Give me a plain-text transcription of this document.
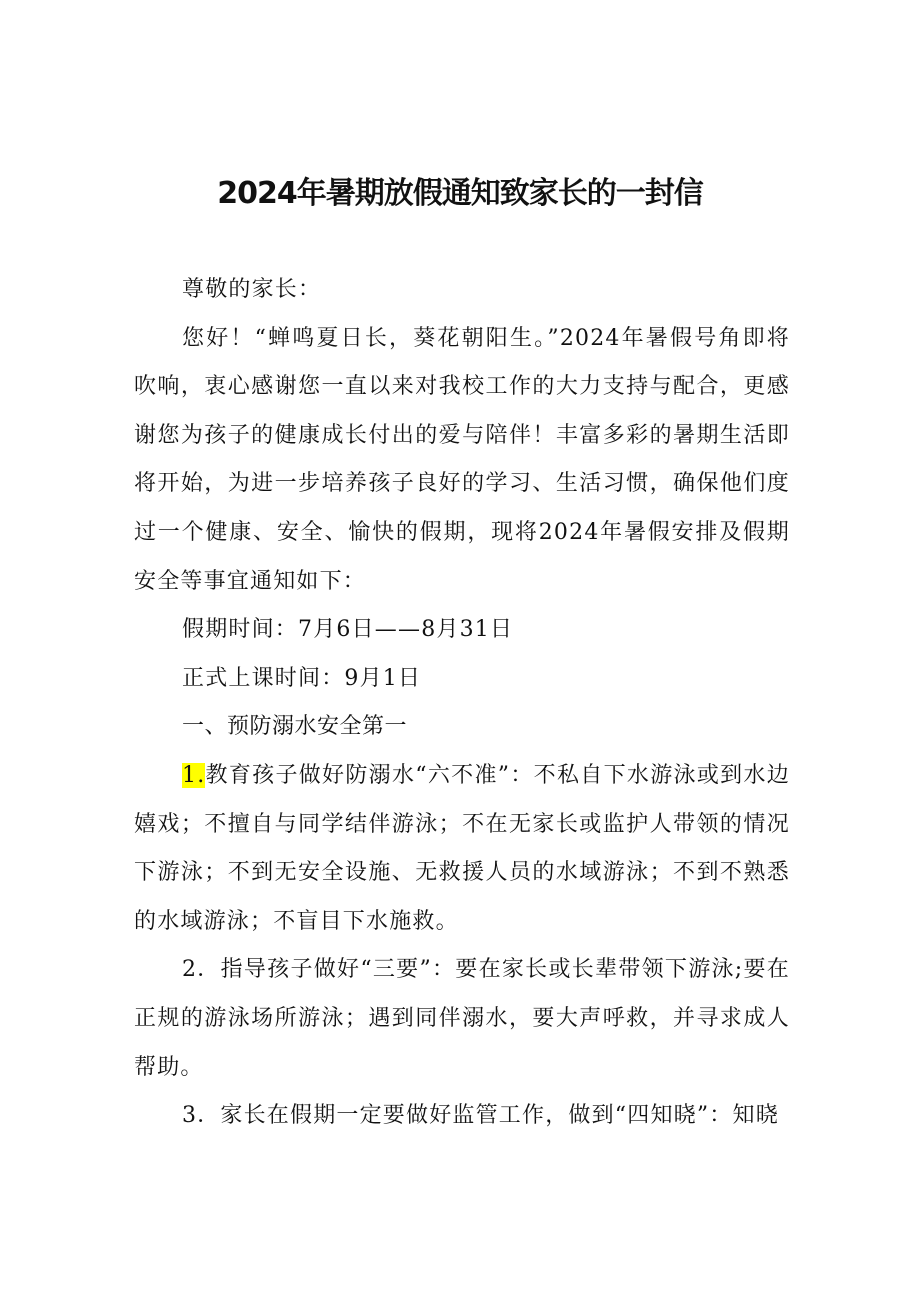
2024年暑期放假通知致家长的一封信

尊敬的家长：

您好！“蝉鸣夏日长，葵花朝阳生。”2024年暑假号角即将吹响，衷心感谢您一直以来对我校工作的大力支持与配合，更感谢您为孩子的健康成长付出的爱与陪伴！丰富多彩的暑期生活即将开始，为进一步培养孩子良好的学习、生活习惯，确保他们度过一个健康、安全、愉快的假期，现将2024年暑假安排及假期安全等事宜通知如下：

假期时间：7月6日——8月31日

正式上课时间：9月1日

一、预防溺水安全第一

1.教育孩子做好防溺水“六不准”：不私自下水游泳或到水边嬉戏；不擅自与同学结伴游泳；不在无家长或监护人带领的情况下游泳；不到无安全设施、无救援人员的水域游泳；不到不熟悉的水域游泳；不盲目下水施救。

2．指导孩子做好“三要”：要在家长或长辈带领下游泳;要在正规的游泳场所游泳；遇到同伴溺水，要大声呼救，并寻求成人帮助。

3．家长在假期一定要做好监管工作，做到“四知晓”：知晓
